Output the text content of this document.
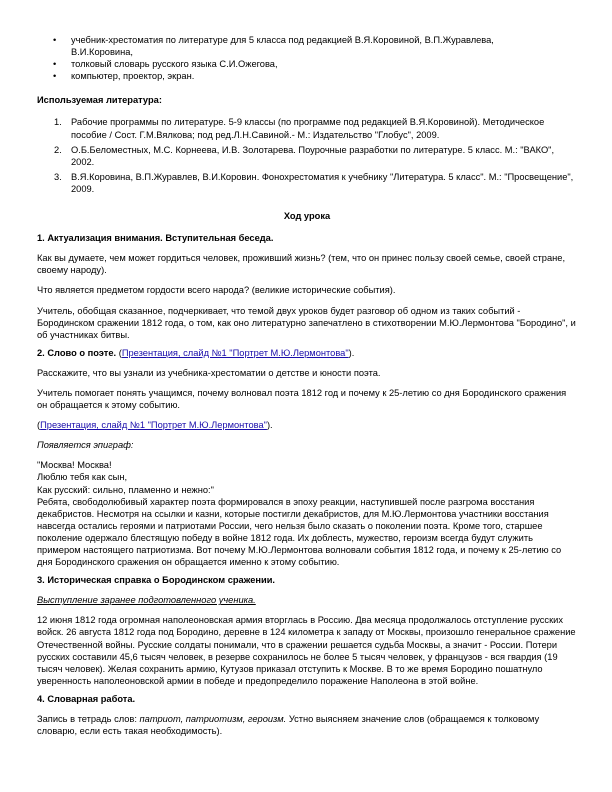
• учебник-хрестоматия по литературе для 5 класса под редакцией В.Я.Коровиной, В.П.Журавлева,
В.И.Коровина,
• толковый словарь русского языка С.И.Ожегова,
• компьютер, проектор, экран.

Используемая литература:

1. Рабочие программы по литературе. 5-9 классы (по программе под редакцией В.Я.Коровиной). Методическое пособие / Сост. Г.М.Вялкова; под ред.Л.Н.Савиной.- М.: Издательство "Глобус", 2009.
2. О.Б.Беломестных, М.С. Корнеева, И.В. Золотарева. Поурочные разработки по литературе. 5 класс. М.: "ВАКО", 2002.
3. В.Я.Коровина, В.П.Журавлев, В.И.Коровин. Фонохрестоматия к учебнику "Литература. 5 класс". М.: "Просвещение", 2009.

Ход урока

1. Актуализация внимания. Вступительная беседа.

Как вы думаете, чем может гордиться человек, проживший жизнь? (тем, что он принес пользу своей семье, своей стране, своему народу).

Что является предметом гордости всего народа? (великие исторические события).

Учитель, обобщая сказанное, подчеркивает, что темой двух уроков будет разговор об одном из таких событий - Бородинском сражении 1812 года, о том, как оно литературно запечатлено в стихотворении М.Ю.Лермонтова "Бородино", и об участниках битвы.

2. Слово о поэте. (Презентация, слайд №1 "Портрет М.Ю.Лермонтова").

Расскажите, что вы узнали из учебника-хрестоматии о детстве и юности поэта.

Учитель помогает понять учащимся, почему волновал поэта 1812 год и почему к 25-летию со дня Бородинского сражения он обращается к этому событию.

(Презентация, слайд №1 "Портрет М.Ю.Лермонтова").

Появляется эпиграф:

"Москва! Москва!
Люблю тебя как сын,
Как русский: сильно, пламенно и нежно:"

Ребята, свободолюбивый характер поэта формировался в эпоху реакции, наступившей после разгрома восстания декабристов. Несмотря на ссылки и казни, которые постигли декабристов, для М.Ю.Лермонтова участники восстания навсегда остались героями и патриотами России, чего нельзя было сказать о поколении поэта. Кроме того, старшее поколение одержало блестящую победу в войне 1812 года. Их доблесть, мужество, героизм всегда будут служить примером настоящего патриотизма. Вот почему М.Ю.Лермонтова волновали события 1812 года, и почему к 25-летию со дня Бородинского сражения он обращается именно к этому событию.

3. Историческая справка о Бородинском сражении.

Выступление заранее подготовленного ученика.

12 июня 1812 года огромная наполеоновская армия вторглась в Россию. Два месяца продолжалось отступление русских войск. 26 августа 1812 года под Бородино, деревне в 124 километра к западу от Москвы, произошло генеральное сражение Отечественной войны. Русские солдаты понимали, что в сражении решается судьба Москвы, а значит - России. Потери русских составили 45,6 тысяч человек, в резерве сохранилось не более 5 тысяч человек, у французов - вся гвардия (19 тысяч человек). Желая сохранить армию, Кутузов приказал отступить к Москве. В то же время Бородино пошатнуло уверенность наполеоновской армии в победе и предопределило поражение Наполеона в этой войне.

4. Словарная работа.

Запись в тетрадь слов: патриот, патриотизм, героизм. Устно выясняем значение слов (обращаемся к толковому словарю, если есть такая необходимость).
